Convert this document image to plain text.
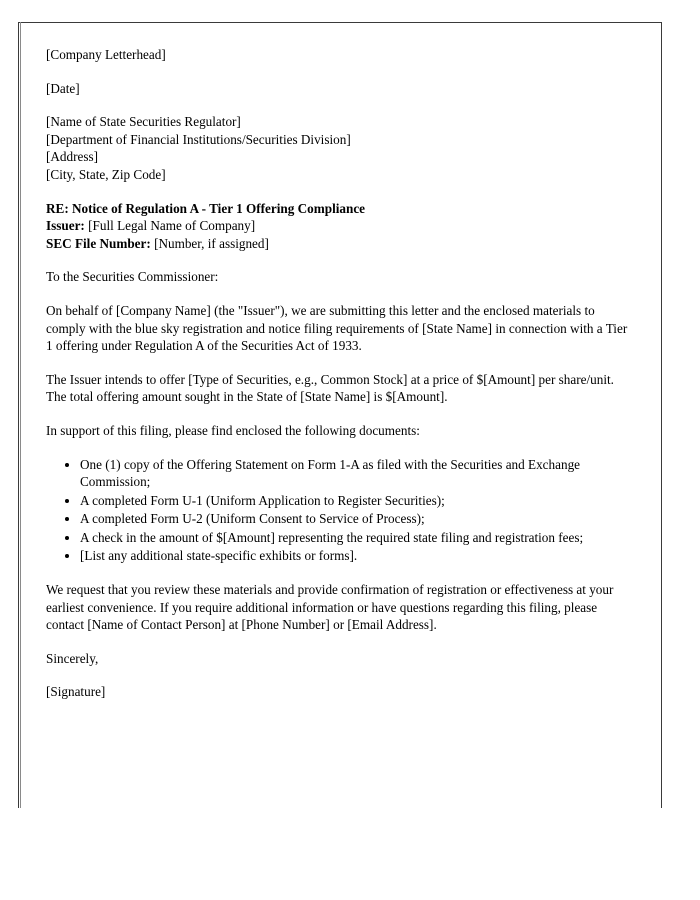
[Company Letterhead]

[Date]

[Name of State Securities Regulator]

[Department of Financial Institutions/Securities Division]

[Address]

[City, State, Zip Code]

RE: Notice of Regulation A - Tier 1 Offering Compliance

Issuer: [Full Legal Name of Company]

SEC File Number: [Number, if assigned]

To the Securities Commissioner:

On behalf of [Company Name] (the "Issuer"), we are submitting this letter and the enclosed materials to comply with the blue sky registration and notice filing requirements of [State Name] in connection with a Tier 1 offering under Regulation A of the Securities Act of 1933.

The Issuer intends to offer [Type of Securities, e.g., Common Stock] at a price of $[Amount] per share/unit. The total offering amount sought in the State of [State Name] is $[Amount].

In support of this filing, please find enclosed the following documents:

• One (1) copy of the Offering Statement on Form 1-A as filed with the Securities and Exchange Commission;
• A completed Form U-1 (Uniform Application to Register Securities);
• A completed Form U-2 (Uniform Consent to Service of Process);
• A check in the amount of $[Amount] representing the required state filing and registration fees;
• [List any additional state-specific exhibits or forms].

We request that you review these materials and provide confirmation of registration or effectiveness at your earliest convenience. If you require additional information or have questions regarding this filing, please contact [Name of Contact Person] at [Phone Number] or [Email Address].

Sincerely,

[Signature]
